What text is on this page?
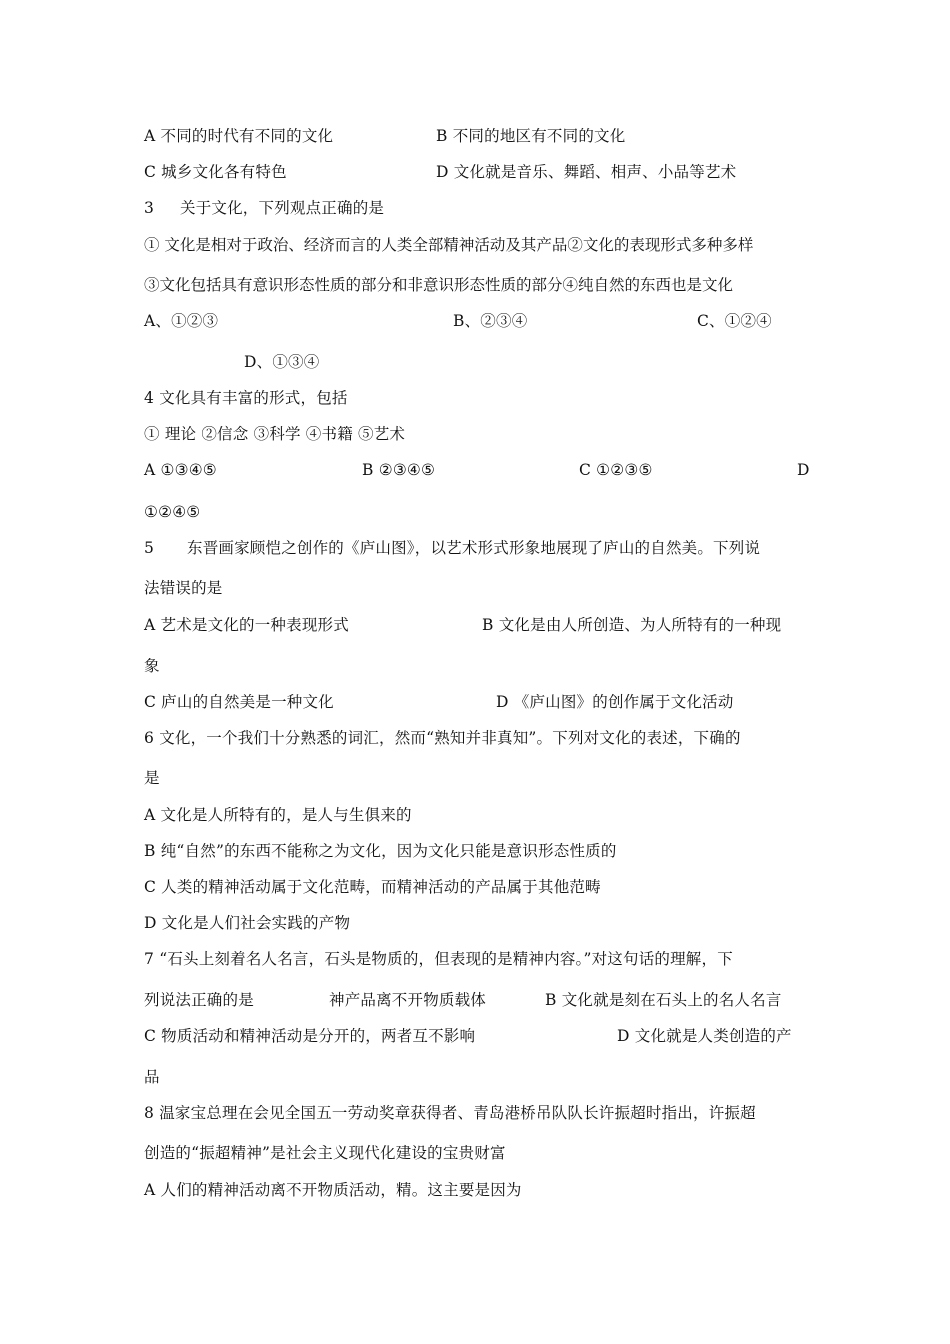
A 不同的时代有不同的文化	B 不同的地区有不同的文化
C 城乡文化各有特色	D 文化就是音乐、舞蹈、相声、小品等艺术
3 关于文化，下列观点正确的是
① 文化是相对于政治、经济而言的人类全部精神活动及其产品②文化的表现形式多种多样
③文化包括具有意识形态性质的部分和非意识形态性质的部分④纯自然的东西也是文化
A、①②③	B、②③④	C、①②④
D、①③④
4 文化具有丰富的形式，包括
① 理论 ②信念 ③科学 ④书籍 ⑤艺术
A ①③④⑤	B ②③④⑤	C ①②③⑤	D
①②④⑤
5 东晋画家顾恺之创作的《庐山图》，以艺术形式形象地展现了庐山的自然美。下列说
法错误的是
A 艺术是文化的一种表现形式	B 文化是由人所创造、为人所特有的一种现
象
C 庐山的自然美是一种文化	D 《庐山图》的创作属于文化活动
6 文化，一个我们十分熟悉的词汇，然而“熟知并非真知”。下列对文化的表述，下确的
是
A 文化是人所特有的，是人与生俱来的
B 纯“自然”的东西不能称之为文化，因为文化只能是意识形态性质的
C 人类的精神活动属于文化范畴，而精神活动的产品属于其他范畴
D 文化是人们社会实践的产物
7 “石头上刻着名人名言，石头是物质的，但表现的是精神内容。”对这句话的理解，下
列说法正确的是	神产品离不开物质载体	B 文化就是刻在石头上的名人名言
C 物质活动和精神活动是分开的，两者互不影响	D 文化就是人类创造的产
品
8 温家宝总理在会见全国五一劳动奖章获得者、青岛港桥吊队队长许振超时指出，许振超
创造的“振超精神”是社会主义现代化建设的宝贵财富
A 人们的精神活动离不开物质活动，精。这主要是因为
